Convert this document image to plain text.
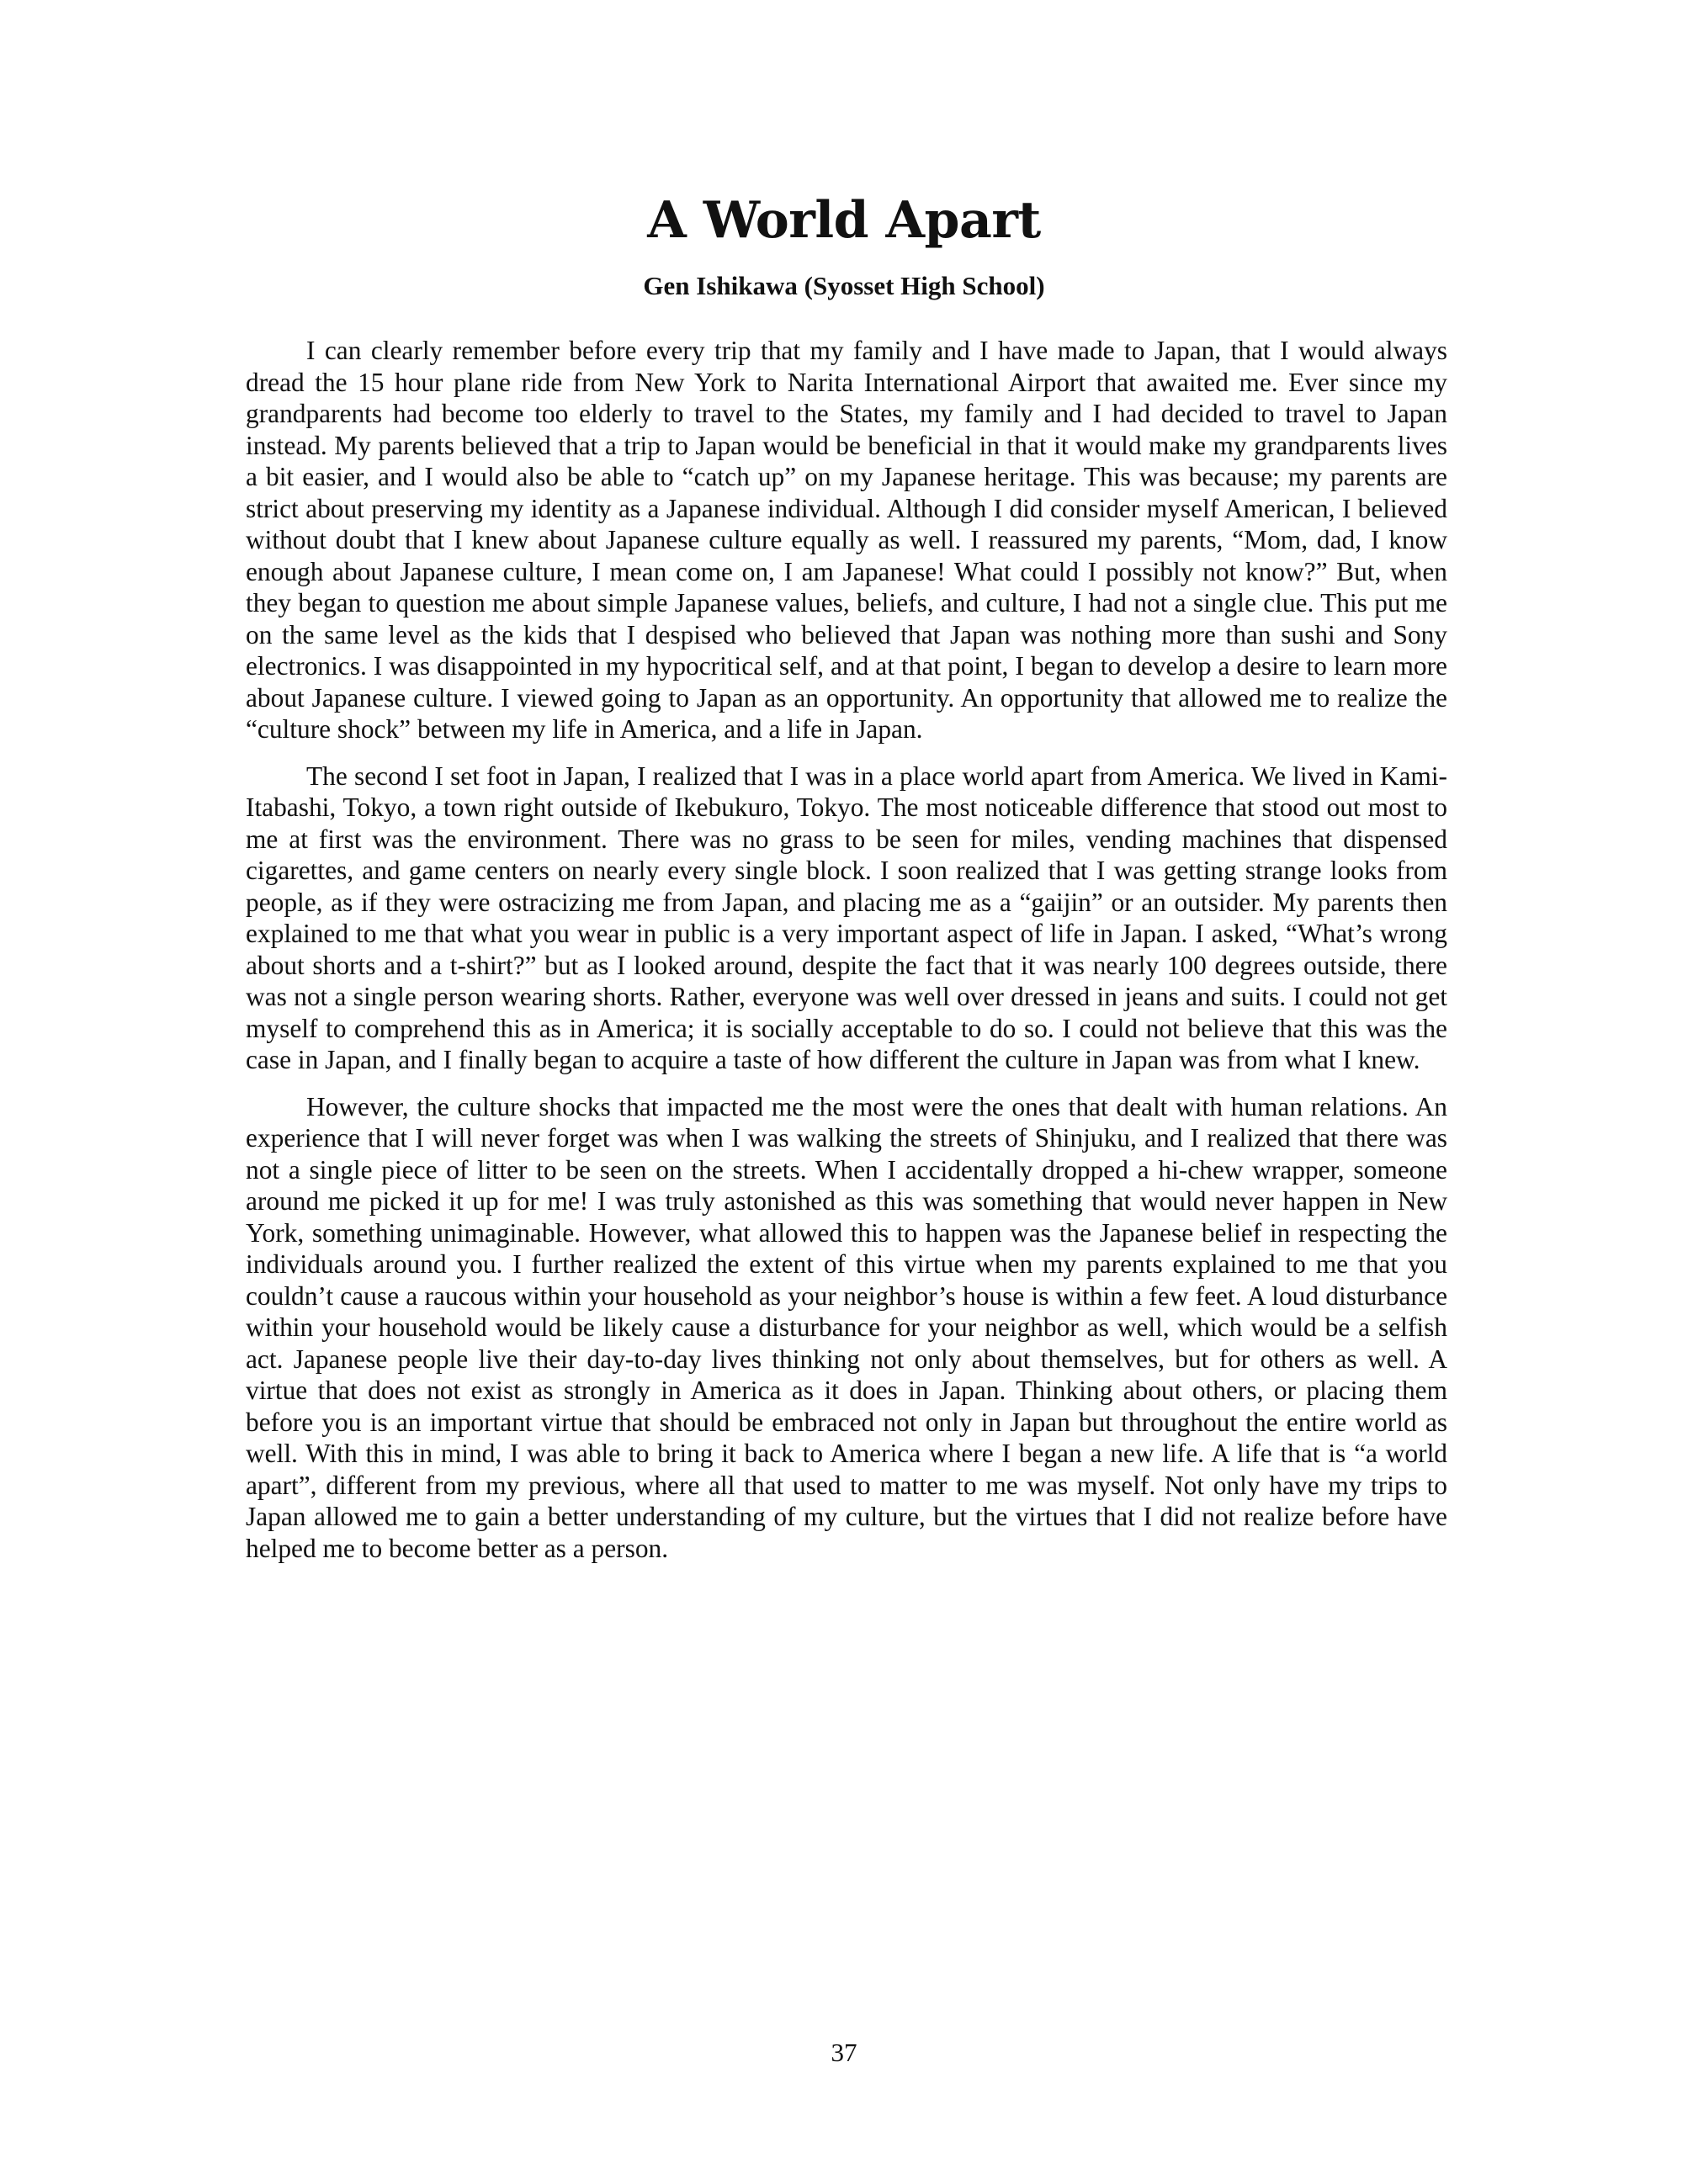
A World Apart

Gen Ishikawa (Syosset High School)

I can clearly remember before every trip that my family and I have made to Japan, that I would always dread the 15 hour plane ride from New York to Narita International Airport that awaited me. Ever since my grandparents had become too elderly to travel to the States, my family and I had decided to travel to Japan instead. My parents believed that a trip to Japan would be beneficial in that it would make my grandparents lives a bit easier, and I would also be able to “catch up” on my Japanese heritage. This was because; my parents are strict about preserving my identity as a Japanese individual. Although I did consider myself American, I believed without doubt that I knew about Japanese culture equally as well. I reassured my parents, “Mom, dad, I know enough about Japanese culture, I mean come on, I am Japanese! What could I possibly not know?” But, when they began to question me about simple Japanese values, beliefs, and culture, I had not a single clue. This put me on the same level as the kids that I despised who believed that Japan was nothing more than sushi and Sony electronics. I was disappointed in my hypocritical self, and at that point, I began to develop a desire to learn more about Japanese culture. I viewed going to Japan as an opportunity. An opportunity that allowed me to realize the “culture shock” between my life in America, and a life in Japan.

The second I set foot in Japan, I realized that I was in a place world apart from America. We lived in Kami-Itabashi, Tokyo, a town right outside of Ikebukuro, Tokyo. The most noticeable difference that stood out most to me at first was the environment. There was no grass to be seen for miles, vending machines that dispensed cigarettes, and game centers on nearly every single block. I soon realized that I was getting strange looks from people, as if they were ostracizing me from Japan, and placing me as a “gaijin” or an outsider. My parents then explained to me that what you wear in public is a very important aspect of life in Japan. I asked, “What’s wrong about shorts and a t-shirt?” but as I looked around, despite the fact that it was nearly 100 degrees outside, there was not a single person wearing shorts. Rather, everyone was well over dressed in jeans and suits. I could not get myself to comprehend this as in America; it is socially acceptable to do so. I could not believe that this was the case in Japan, and I finally began to acquire a taste of how different the culture in Japan was from what I knew.

However, the culture shocks that impacted me the most were the ones that dealt with human relations. An experience that I will never forget was when I was walking the streets of Shinjuku, and I realized that there was not a single piece of litter to be seen on the streets. When I accidentally dropped a hi-chew wrapper, someone around me picked it up for me! I was truly astonished as this was something that would never happen in New York, something unimaginable. However, what allowed this to happen was the Japanese belief in respecting the individuals around you. I further realized the extent of this virtue when my parents explained to me that you couldn’t cause a raucous within your household as your neighbor’s house is within a few feet. A loud disturbance within your household would be likely cause a disturbance for your neighbor as well, which would be a selfish act. Japanese people live their day-to-day lives thinking not only about themselves, but for others as well. A virtue that does not exist as strongly in America as it does in Japan. Thinking about others, or placing them before you is an important virtue that should be embraced not only in Japan but throughout the entire world as well. With this in mind, I was able to bring it back to America where I began a new life. A life that is “a world apart”, different from my previous, where all that used to matter to me was myself. Not only have my trips to Japan allowed me to gain a better understanding of my culture, but the virtues that I did not realize before have helped me to become better as a person.

37
